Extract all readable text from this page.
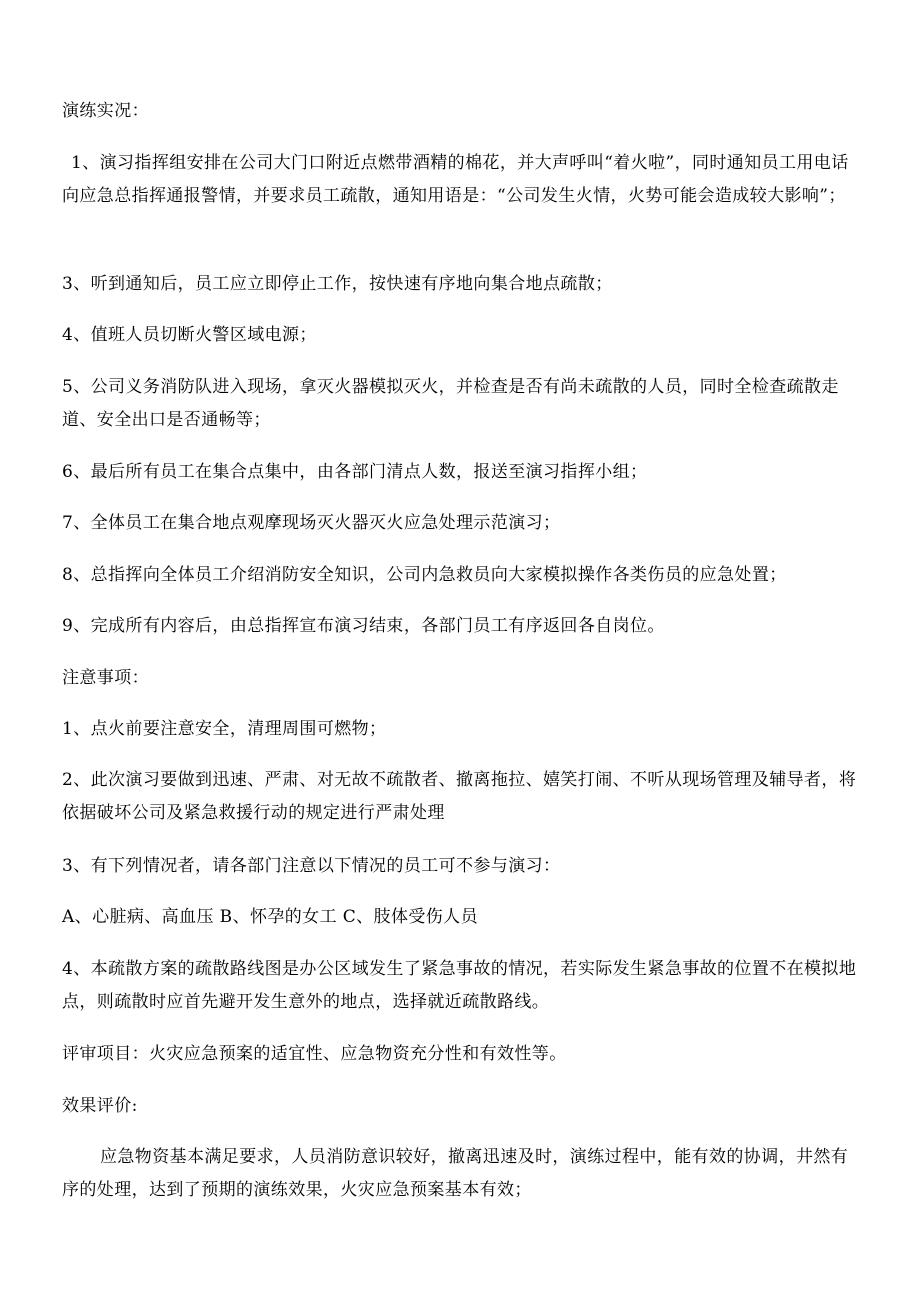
演练实况：

1、演习指挥组安排在公司大门口附近点燃带酒精的棉花，并大声呼叫“着火啦”，同时通知员工用电话向应急总指挥通报警情，并要求员工疏散，通知用语是：“公司发生火情，火势可能会造成较大影响”；

3、听到通知后，员工应立即停止工作，按快速有序地向集合地点疏散；

4、值班人员切断火警区域电源；

5、公司义务消防队进入现场，拿灭火器模拟灭火，并检查是否有尚未疏散的人员，同时全检查疏散走道、安全出口是否通畅等；

6、最后所有员工在集合点集中，由各部门清点人数，报送至演习指挥小组；

7、全体员工在集合地点观摩现场灭火器灭火应急处理示范演习；

8、总指挥向全体员工介绍消防安全知识，公司内急救员向大家模拟操作各类伤员的应急处置；

9、完成所有内容后，由总指挥宣布演习结束，各部门员工有序返回各自岗位。

注意事项：

1、点火前要注意安全，清理周围可燃物；

2、此次演习要做到迅速、严肃、对无故不疏散者、撤离拖拉、嬉笑打闹、不听从现场管理及辅导者，将依据破坏公司及紧急救援行动的规定进行严肃处理

3、有下列情况者，请各部门注意以下情况的员工可不参与演习：

A、心脏病、高血压 B、怀孕的女工 C、肢体受伤人员

4、本疏散方案的疏散路线图是办公区域发生了紧急事故的情况，若实际发生紧急事故的位置不在模拟地点，则疏散时应首先避开发生意外的地点，选择就近疏散路线。

评审项目：火灾应急预案的适宜性、应急物资充分性和有效性等。

效果评价:

应急物资基本满足要求，人员消防意识较好，撤离迅速及时，演练过程中，能有效的协调，井然有序的处理，达到了预期的演练效果，火灾应急预案基本有效；
